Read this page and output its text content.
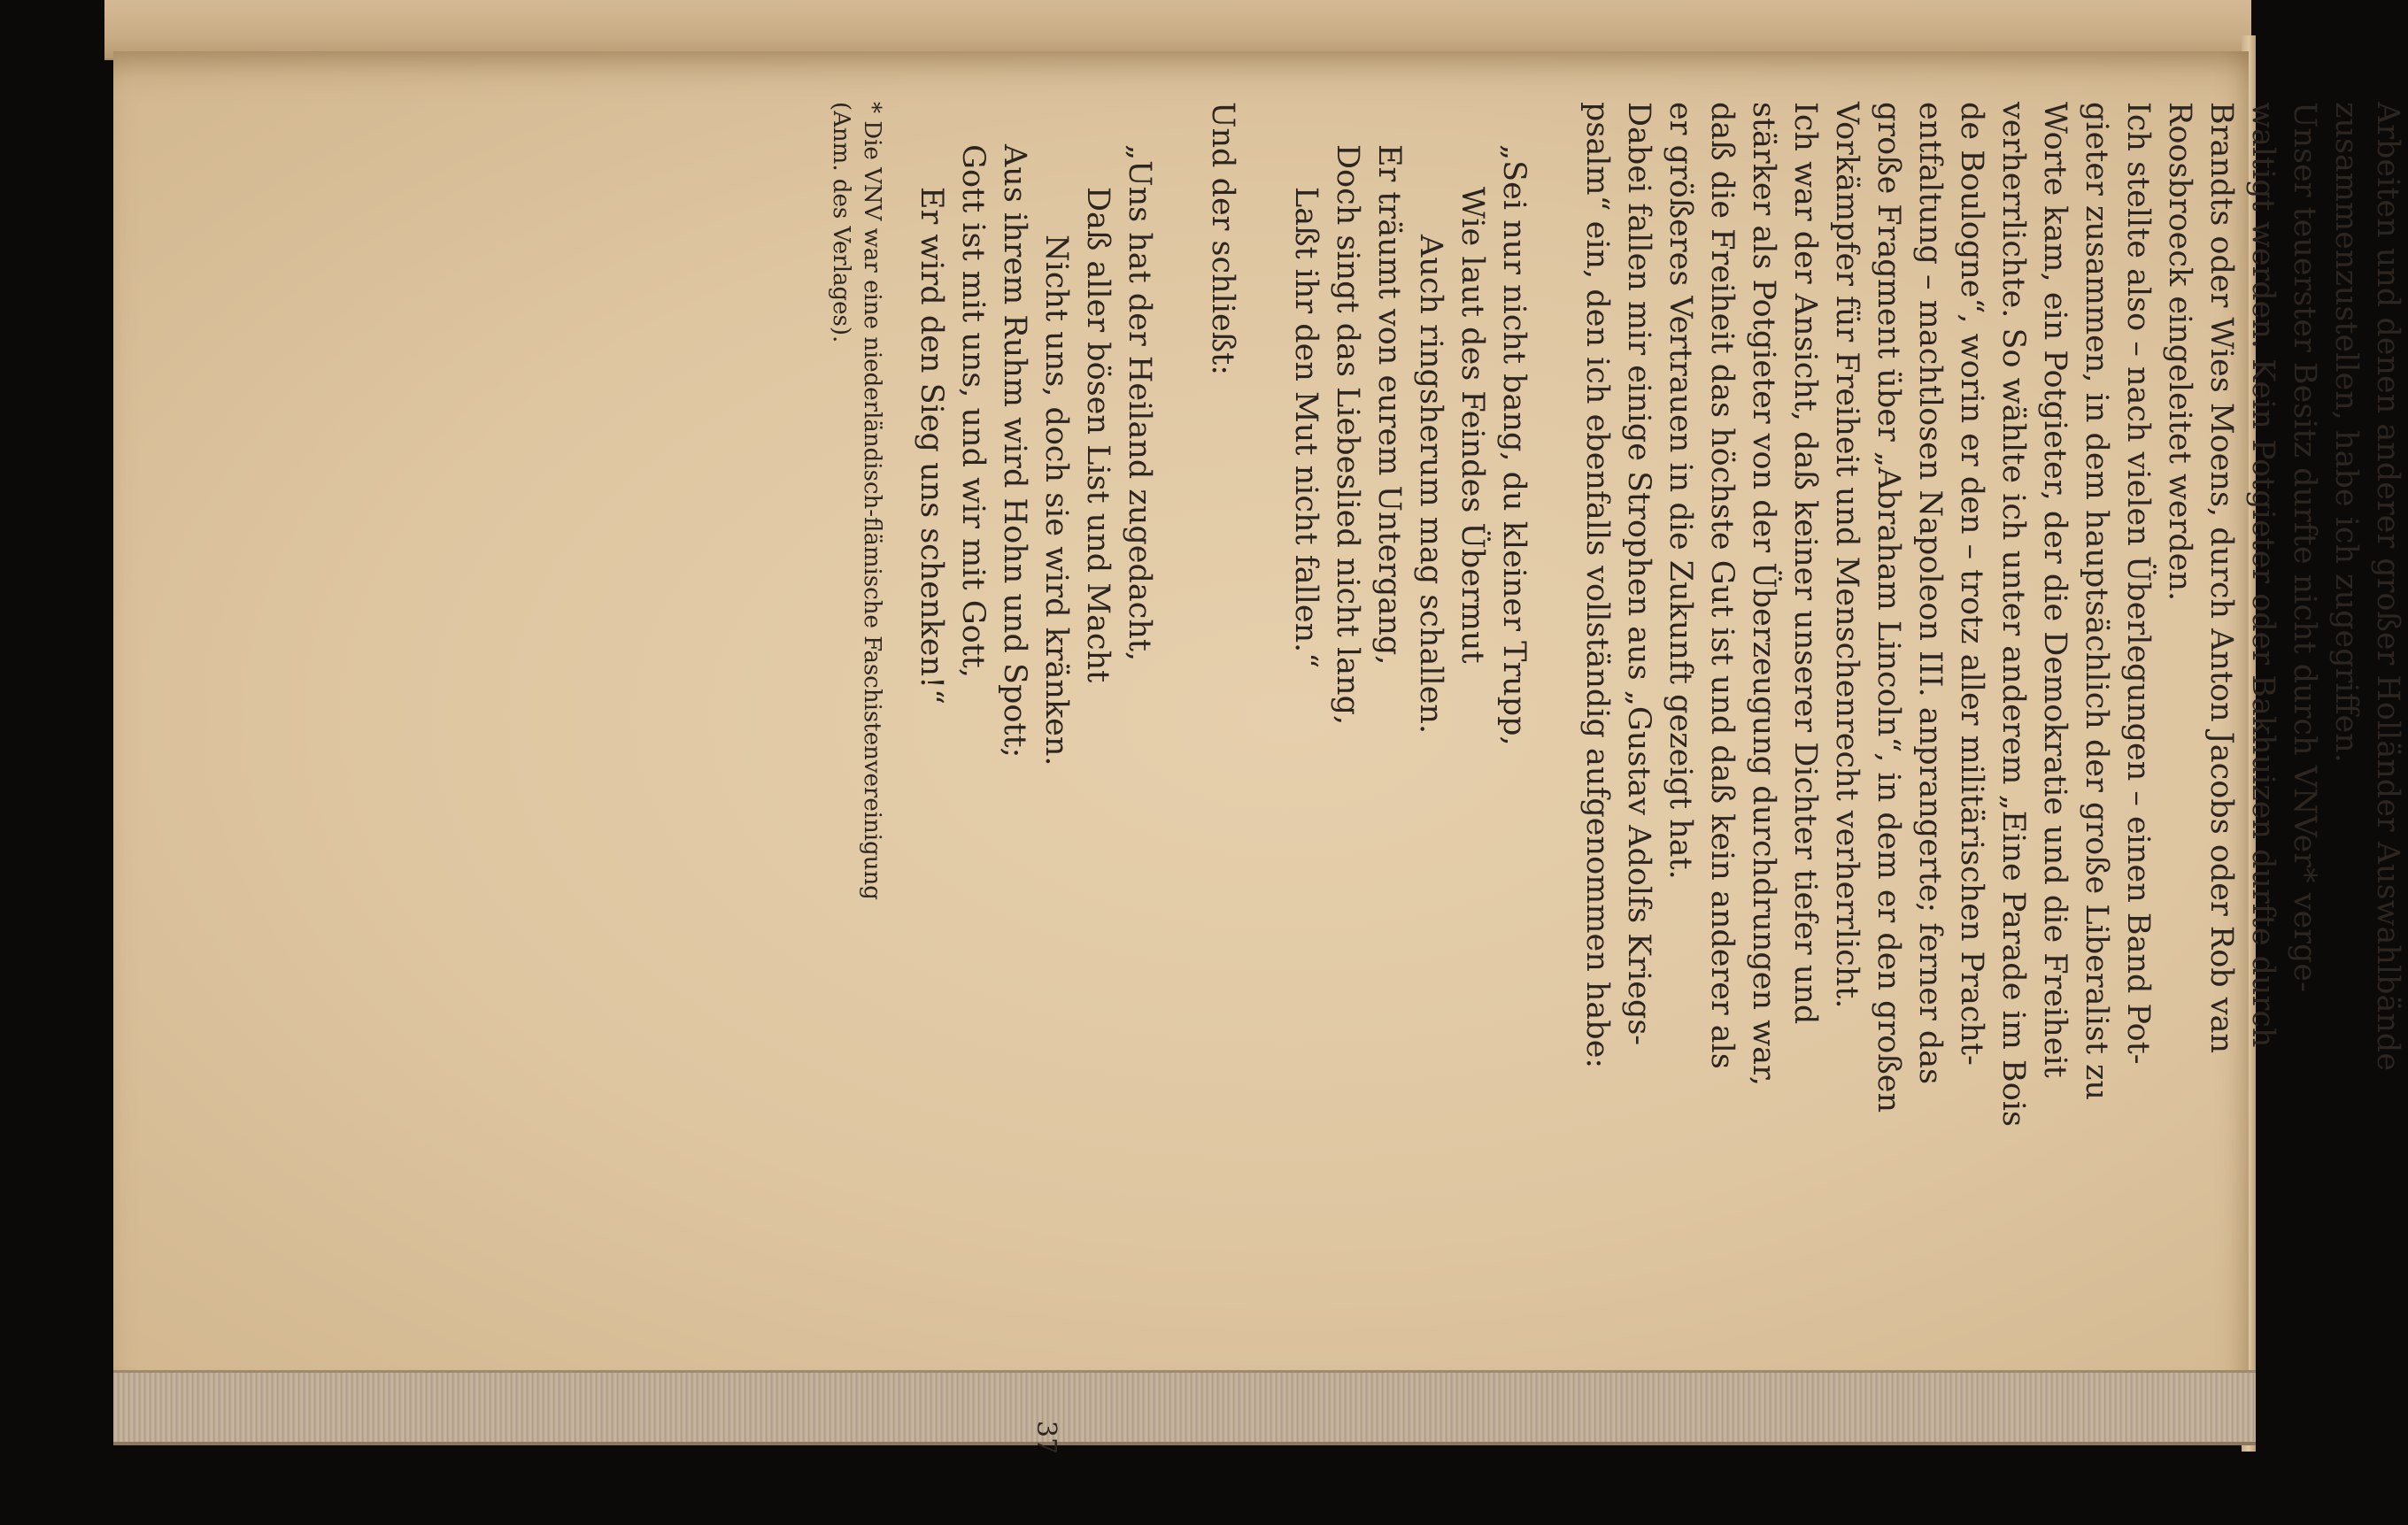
Arbeiten und denen anderer großer Holländer Auswahlbände

zusammenzustellen, habe ich zugegriffen.

Unser teuerster Besitz durfte nicht durch VNVer* verge-

waltigt werden. Kein Potgieter oder Bakhuizen durfte durch

Brandts oder Wies Moens, durch Anton Jacobs oder Rob van

Roosbroeck eingeleitet werden.

Ich stellte also – nach vielen Überlegungen – einen Band Pot-

gieter zusammen, in dem hauptsächlich der große Liberalist zu

Worte kam, ein Potgieter, der die Demokratie und die Freiheit

verherrlichte. So wählte ich unter anderem „Eine Parade im Bois

de Boulogne“, worin er den – trotz aller militärischen Pracht-

entfaltung – machtlosen Napoleon III. anprangerte; ferner das

große Fragment über „Abraham Lincoln“, in dem er den großen

Vorkämpfer für Freiheit und Menschenrecht verherrlicht.

Ich war der Ansicht, daß keiner unserer Dichter tiefer und

stärker als Potgieter von der Überzeugung durchdrungen war,

daß die Freiheit das höchste Gut ist und daß kein anderer als

er größeres Vertrauen in die Zukunft gezeigt hat.

Dabei fallen mir einige Strophen aus „Gustav Adolfs Kriegs-

psalm“ ein, den ich ebenfalls vollständig aufgenommen habe:

„Sei nur nicht bang, du kleiner Trupp,

Wie laut des Feindes Übermut

Auch ringsherum mag schallen.

Er träumt von eurem Untergang,

Doch singt das Liebeslied nicht lang,

Laßt ihr den Mut nicht fallen.“

Und der schließt:

„Uns hat der Heiland zugedacht,

Daß aller bösen List und Macht

Nicht uns, doch sie wird kränken.

Aus ihrem Ruhm wird Hohn und Spott;

Gott ist mit uns, und wir mit Gott,

Er wird den Sieg uns schenken!“

* Die VNV war eine niederländisch-flämische Faschistenvereinigung

(Anm. des Verlages).

37
